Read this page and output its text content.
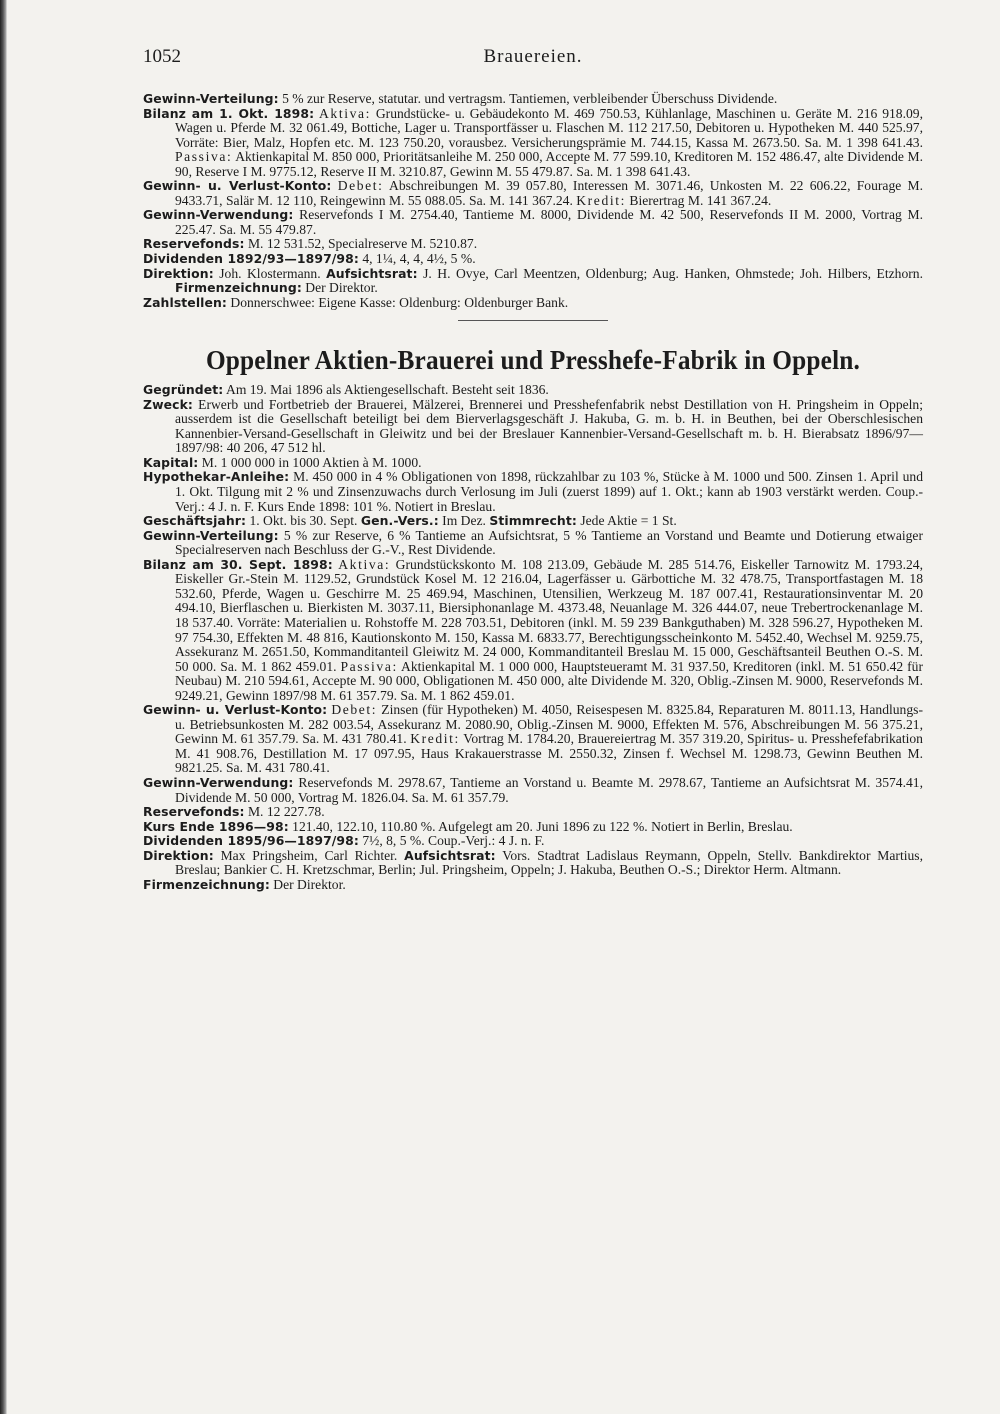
1052	Brauereien.

Gewinn-Verteilung: 5 % zur Reserve, statutar. und vertragsm. Tantiemen, verbleibender Überschuss Dividende.

Bilanz am 1. Okt. 1898: Aktiva: Grundstücke- u. Gebäudekonto M. 469 750.53, Kühlanlage, Maschinen u. Geräte M. 216 918.09, Wagen u. Pferde M. 32 061.49, Bottiche, Lager u. Transportfässer u. Flaschen M. 112 217.50, Debitoren u. Hypotheken M. 440 525.97, Vorräte: Bier, Malz, Hopfen etc. M. 123 750.20, vorausbez. Versicherungsprämie M. 744.15, Kassa M. 2673.50. Sa. M. 1 398 641.43. Passiva: Aktienkapital M. 850 000, Prioritätsanleihe M. 250 000, Accepte M. 77 599.10, Kreditoren M. 152 486.47, alte Dividende M. 90, Reserve I M. 9775.12, Reserve II M. 3210.87, Gewinn M. 55 479.87. Sa. M. 1 398 641.43.

Gewinn- u. Verlust-Konto: Debet: Abschreibungen M. 39 057.80, Interessen M. 3071.46, Unkosten M. 22 606.22, Fourage M. 9433.71, Salär M. 12 110, Reingewinn M. 55 088.05. Sa. M. 141 367.24. Kredit: Bierertrag M. 141 367.24.

Gewinn-Verwendung: Reservefonds I M. 2754.40, Tantieme M. 8000, Dividende M. 42 500, Reservefonds II M. 2000, Vortrag M. 225.47. Sa. M. 55 479.87.

Reservefonds: M. 12 531.52, Specialreserve M. 5210.87.

Dividenden 1892/93—1897/98: 4, 1¼, 4, 4, 4½, 5 %.

Direktion: Joh. Klostermann. Aufsichtsrat: J. H. Ovye, Carl Meentzen, Oldenburg; Aug. Hanken, Ohmstede; Joh. Hilbers, Etzhorn. Firmenzeichnung: Der Direktor.

Zahlstellen: Donnerschwee: Eigene Kasse: Oldenburg: Oldenburger Bank.

Oppelner Aktien-Brauerei und Presshefe-Fabrik in Oppeln.

Gegründet: Am 19. Mai 1896 als Aktiengesellschaft. Besteht seit 1836.

Zweck: Erwerb und Fortbetrieb der Brauerei, Mälzerei, Brennerei und Presshefenfabrik nebst Destillation von H. Pringsheim in Oppeln; ausserdem ist die Gesellschaft beteiligt bei dem Bierverlagsgeschäft J. Hakuba, G. m. b. H. in Beuthen, bei der Oberschlesischen Kannenbier-Versand-Gesellschaft in Gleiwitz und bei der Breslauer Kannenbier-Versand-Gesellschaft m. b. H. Bierabsatz 1896/97—1897/98: 40 206, 47 512 hl.

Kapital: M. 1 000 000 in 1000 Aktien à M. 1000.

Hypothekar-Anleihe: M. 450 000 in 4 % Obligationen von 1898, rückzahlbar zu 103 %, Stücke à M. 1000 und 500. Zinsen 1. April und 1. Okt. Tilgung mit 2 % und Zinsenzuwachs durch Verlosung im Juli (zuerst 1899) auf 1. Okt.; kann ab 1903 verstärkt werden. Coup.-Verj.: 4 J. n. F. Kurs Ende 1898: 101 %. Notiert in Breslau.

Geschäftsjahr: 1. Okt. bis 30. Sept. Gen.-Vers.: Im Dez. Stimmrecht: Jede Aktie = 1 St.

Gewinn-Verteilung: 5 % zur Reserve, 6 % Tantieme an Aufsichtsrat, 5 % Tantieme an Vorstand und Beamte und Dotierung etwaiger Specialreserven nach Beschluss der G.-V., Rest Dividende.

Bilanz am 30. Sept. 1898: Aktiva: Grundstückskonto M. 108 213.09, Gebäude M. 285 514.76, Eiskeller Tarnowitz M. 1793.24, Eiskeller Gr.-Stein M. 1129.52, Grundstück Kosel M. 12 216.04, Lagerfässer u. Gärbottiche M. 32 478.75, Transportfastagen M. 18 532.60, Pferde, Wagen u. Geschirre M. 25 469.94, Maschinen, Utensilien, Werkzeug M. 187 007.41, Restaurationsinventar M. 20 494.10, Bierflaschen u. Bierkisten M. 3037.11, Biersiphonanlage M. 4373.48, Neuanlage M. 326 444.07, neue Trebertrockenanlage M. 18 537.40. Vorräte: Materialien u. Rohstoffe M. 228 703.51, Debitoren (inkl. M. 59 239 Bankguthaben) M. 328 596.27, Hypotheken M. 97 754.30, Effekten M. 48 816, Kautionskonto M. 150, Kassa M. 6833.77, Berechtigungsscheinkonto M. 5452.40, Wechsel M. 9259.75, Assekuranz M. 2651.50, Kommanditanteil Gleiwitz M. 24 000, Kommanditanteil Breslau M. 15 000, Geschäftsanteil Beuthen O.-S. M. 50 000. Sa. M. 1 862 459.01. Passiva: Aktienkapital M. 1 000 000, Hauptsteueramt M. 31 937.50, Kreditoren (inkl. M. 51 650.42 für Neubau) M. 210 594.61, Accepte M. 90 000, Obligationen M. 450 000, alte Dividende M. 320, Oblig.-Zinsen M. 9000, Reservefonds M. 9249.21, Gewinn 1897/98 M. 61 357.79. Sa. M. 1 862 459.01.

Gewinn- u. Verlust-Konto: Debet: Zinsen (für Hypotheken) M. 4050, Reisespesen M. 8325.84, Reparaturen M. 8011.13, Handlungs- u. Betriebsunkosten M. 282 003.54, Assekuranz M. 2080.90, Oblig.-Zinsen M. 9000, Effekten M. 576, Abschreibungen M. 56 375.21, Gewinn M. 61 357.79. Sa. M. 431 780.41. Kredit: Vortrag M. 1784.20, Brauereiertrag M. 357 319.20, Spiritus- u. Presshefefabrikation M. 41 908.76, Destillation M. 17 097.95, Haus Krakauerstrasse M. 2550.32, Zinsen f. Wechsel M. 1298.73, Gewinn Beuthen M. 9821.25. Sa. M. 431 780.41.

Gewinn-Verwendung: Reservefonds M. 2978.67, Tantieme an Vorstand u. Beamte M. 2978.67, Tantieme an Aufsichtsrat M. 3574.41, Dividende M. 50 000, Vortrag M. 1826.04. Sa. M. 61 357.79.

Reservefonds: M. 12 227.78.

Kurs Ende 1896—98: 121.40, 122.10, 110.80 %. Aufgelegt am 20. Juni 1896 zu 122 %. Notiert in Berlin, Breslau.

Dividenden 1895/96—1897/98: 7½, 8, 5 %. Coup.-Verj.: 4 J. n. F.

Direktion: Max Pringsheim, Carl Richter. Aufsichtsrat: Vors. Stadtrat Ladislaus Reymann, Oppeln, Stellv. Bankdirektor Martius, Breslau; Bankier C. H. Kretzschmar, Berlin; Jul. Pringsheim, Oppeln; J. Hakuba, Beuthen O.-S.; Direktor Herm. Altmann.

Firmenzeichnung: Der Direktor.
